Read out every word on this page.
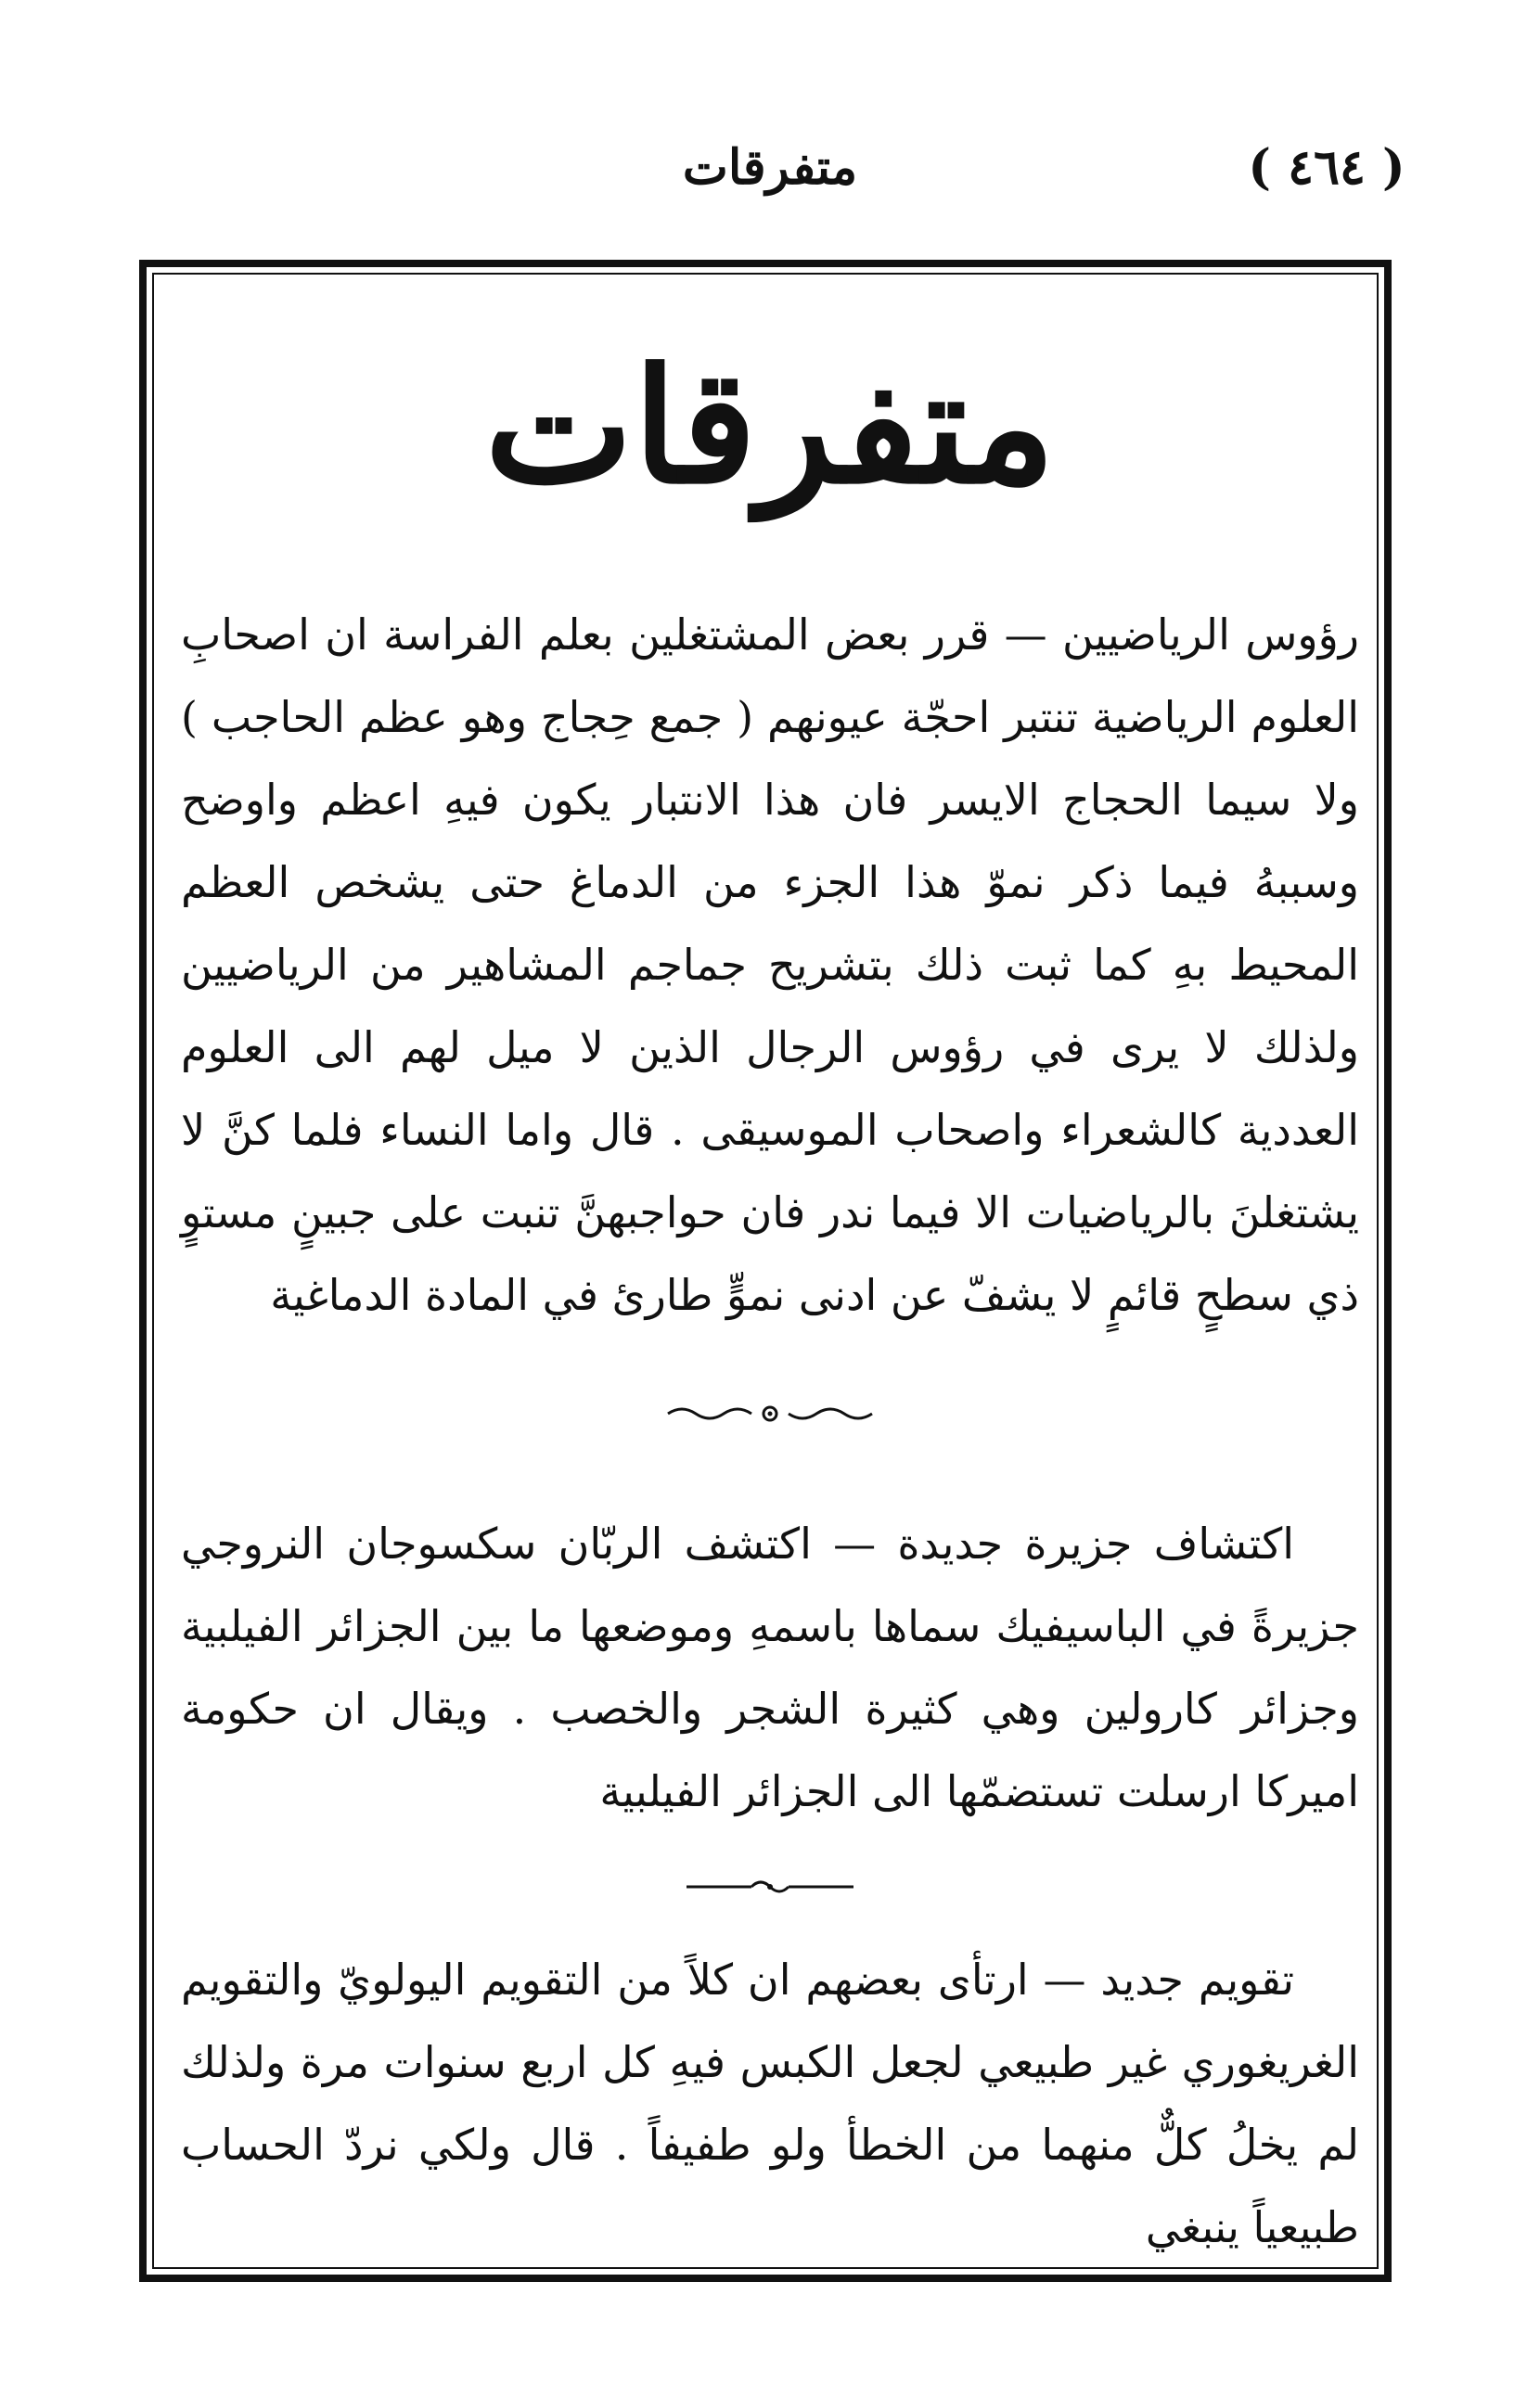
( ٤٦٤ )
متفرقات
متفرقات

رؤوس الرياضيين — قرر بعض المشتغلين بعلم الفراسة ان اصحابِ العلوم الرياضية تنتبر احجّة عيونهم ( جمع حِجاج وهو عظم الحاجب ) ولا سيما الحجاج الايسر فان هذا الانتبار يكون فيهِ اعظم واوضح وسببهُ فيما ذكر نموّ هذا الجزء من الدماغ حتى يشخص العظم المحيط بهِ كما ثبت ذلك بتشريح جماجم المشاهير من الرياضيين ولذلك لا يرى في رؤوس الرجال الذين لا ميل لهم الى العلوم العددية كالشعراء واصحاب الموسيقى . قال واما النساء فلما كنَّ لا يشتغلنَ بالرياضيات الا فيما ندر فان حواجبهنَّ تنبت على جبينٍ مستوٍ ذي سطحٍ قائمٍ لا يشفّ عن ادنى نموٍّ طارئ في المادة الدماغية

اكتشاف جزيرة جديدة — اكتشف الربّان سكسوجان النروجي جزيرةً في الباسيفيك سماها باسمهِ وموضعها ما بين الجزائر الفيلبية وجزائر كارولين وهي كثيرة الشجر والخصب . ويقال ان حكومة اميركا ارسلت تستضمّها الى الجزائر الفيلبية

تقويم جديد — ارتأى بعضهم ان كلاً من التقويم اليولويّ والتقويم الغريغوري غير طبيعي لجعل الكبس فيهِ كل اربع سنوات مرة ولذلك لم يخلُ كلٌّ منهما من الخطأ ولو طفيفاً . قال ولكي نردّ الحساب طبيعياً ينبغي
